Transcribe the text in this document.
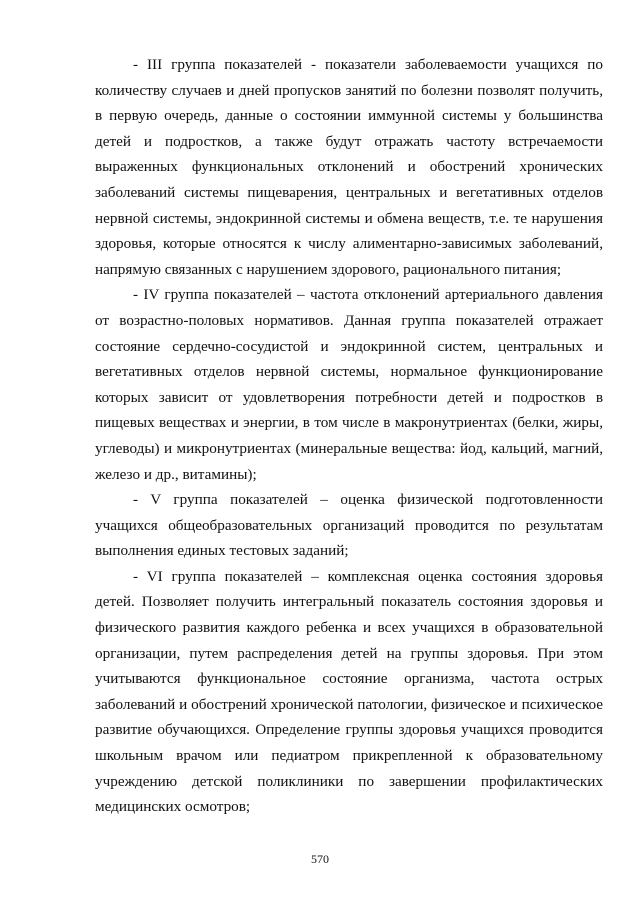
- III группа показателей - показатели заболеваемости учащихся по количеству случаев и дней пропусков занятий по болезни позволят получить, в первую очередь, данные о состоянии иммунной системы у большинства детей и подростков, а также будут отражать частоту встречаемости выраженных функциональных отклонений и обострений хронических заболеваний системы пищеварения, центральных и вегетативных отделов нервной системы, эндокринной системы и обмена веществ, т.е. те нарушения здоровья, которые относятся к числу алиментарно-зависимых заболеваний, напрямую связанных с нарушением здорового, рационального питания;

- IV группа показателей – частота отклонений артериального давления от возрастно-половых нормативов. Данная группа показателей отражает состояние сердечно-сосудистой и эндокринной систем, центральных и вегетативных отделов нервной системы, нормальное функционирование которых зависит от удовлетворения потребности детей и подростков в пищевых веществах и энергии, в том числе в макронутриентах (белки, жиры, углеводы) и микронутриентах (минеральные вещества: йод, кальций, магний, железо и др., витамины);

- V группа показателей – оценка физической подготовленности учащихся общеобразовательных организаций проводится по результатам выполнения единых тестовых заданий;

- VI группа показателей – комплексная оценка состояния здоровья детей. Позволяет получить интегральный показатель состояния здоровья и физического развития каждого ребенка и всех учащихся в образовательной организации, путем распределения детей на группы здоровья. При этом учитываются функциональное состояние организма, частота острых заболеваний и обострений хронической патологии, физическое и психическое развитие обучающихся. Определение группы здоровья учащихся проводится школьным врачом или педиатром прикрепленной к образовательному учреждению детской поликлиники по завершении профилактических медицинских осмотров;

570
